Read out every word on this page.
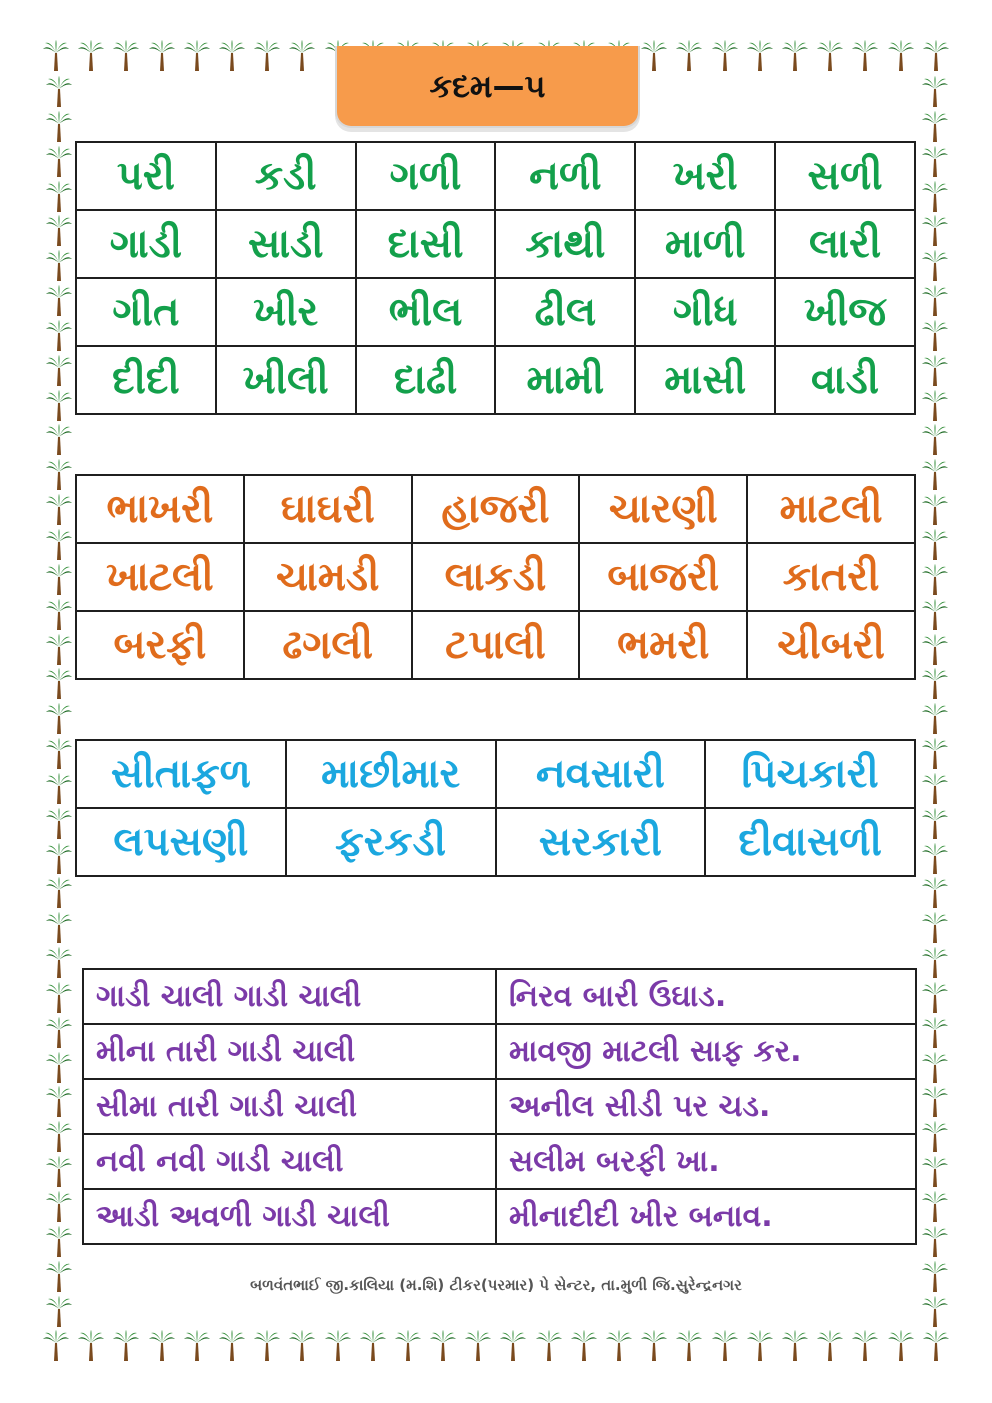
કદમ—૫
પરી	કડી	ગળી	નળી	ખરી	સળી
ગાડી	સાડી	દાસી	કાથી	માળી	લારી
ગીત	ખીર	ભીલ	ઢીલ	ગીધ	ખીજ
દીદી	ખીલી	દાઢી	મામી	માસી	વાડી
ભાખરી	ઘાઘરી	હાજરી	ચારણી	માટલી
ખાટલી	ચામડી	લાકડી	બાજરી	કાતરી
બરફી	ઢગલી	ટપાલી	ભમરી	ચીબરી
સીતાફળ	માછીમાર	નવસારી	પિચકારી
લપસણી	ફરકડી	સરકારી	દીવાસળી
ગાડી ચાલી ગાડી ચાલી	નિરવ બારી ઉઘાડ.
મીના તારી ગાડી ચાલી	માવજી માટલી સાફ કર.
સીમા તારી ગાડી ચાલી	અનીલ સીડી પર ચડ.
નવી નવી ગાડી ચાલી	સલીમ બરફી ખા.
આડી અવળી ગાડી ચાલી	મીનાદીદી ખીર બનાવ.
બળવંતભાઈ જી.કાલિયા (મ.શિ) ટીકર(પરમાર) પે સેન્ટર, તા.મુળી જિ.સુરેન્દ્રનગર
